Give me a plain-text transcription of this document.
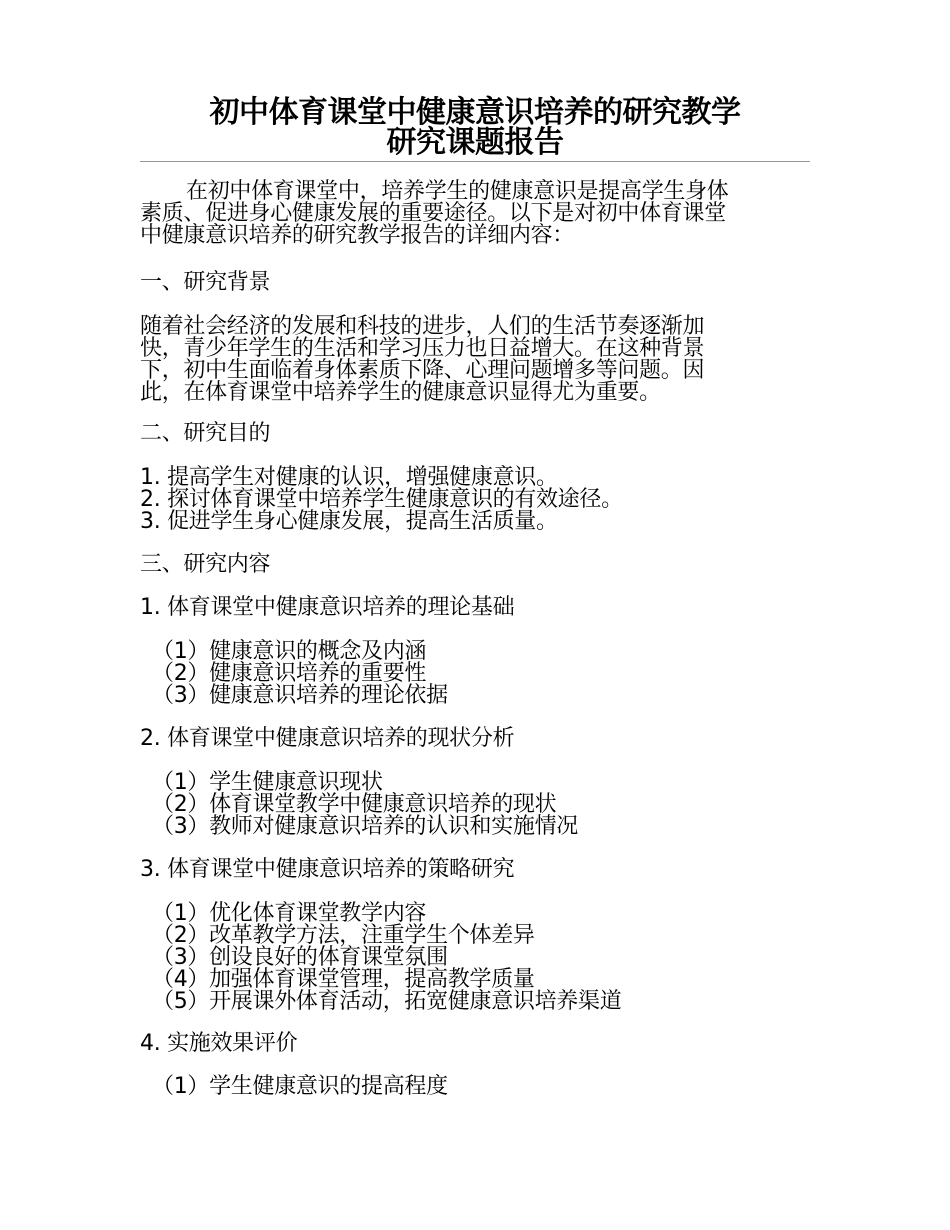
初中体育课堂中健康意识培养的研究教学
研究课题报告
在初中体育课堂中，培养学生的健康意识是提高学生身体
素质、促进身心健康发展的重要途径。以下是对初中体育课堂
中健康意识培养的研究教学报告的详细内容：
一、研究背景
随着社会经济的发展和科技的进步，人们的生活节奏逐渐加
快，青少年学生的生活和学习压力也日益增大。在这种背景
下，初中生面临着身体素质下降、心理问题增多等问题。因
此，在体育课堂中培养学生的健康意识显得尤为重要。
二、研究目的
1. 提高学生对健康的认识，增强健康意识。
2. 探讨体育课堂中培养学生健康意识的有效途径。
3. 促进学生身心健康发展，提高生活质量。
三、研究内容
1. 体育课堂中健康意识培养的理论基础
（1）健康意识的概念及内涵
（2）健康意识培养的重要性
（3）健康意识培养的理论依据
2. 体育课堂中健康意识培养的现状分析
（1）学生健康意识现状
（2）体育课堂教学中健康意识培养的现状
（3）教师对健康意识培养的认识和实施情况
3. 体育课堂中健康意识培养的策略研究
（1）优化体育课堂教学内容
（2）改革教学方法，注重学生个体差异
（3）创设良好的体育课堂氛围
（4）加强体育课堂管理，提高教学质量
（5）开展课外体育活动，拓宽健康意识培养渠道
4. 实施效果评价
（1）学生健康意识的提高程度
